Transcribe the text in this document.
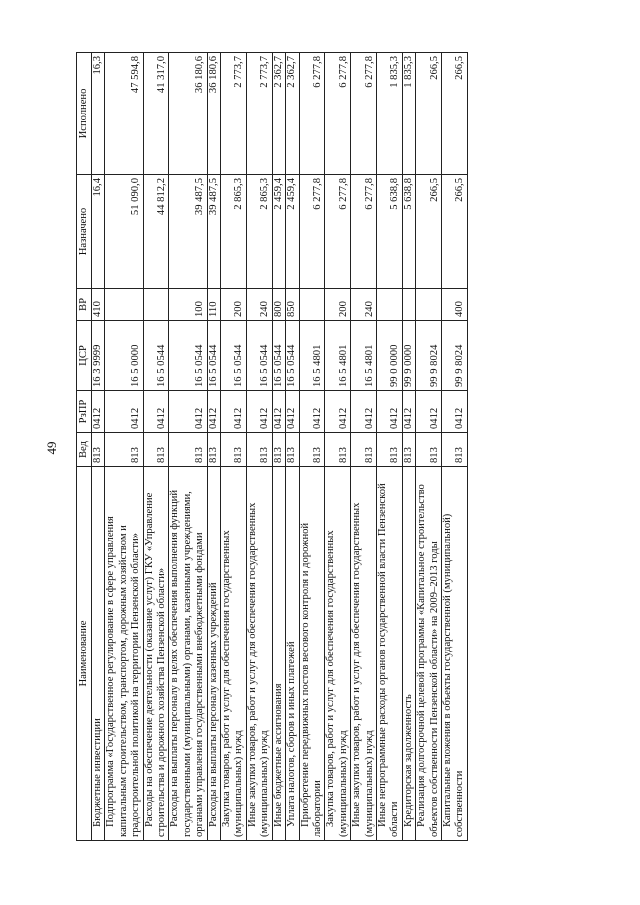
49
Наименование	Вед	РзПР	ЦСР	ВР	Назначено	Исполнено
Бюджетные инвестиции	813	0412	16 3 9999	410	16,4	16,3
Подпрограмма «Государственное регулирование в сфере управления капитальным строительством, транспортом, дорожным хозяйством и градостроительной политикой на территории Пензенской области»	813	0412	16 5 0000		51 090,0	47 594,8
Расходы на обеспечение деятельности (оказание услуг) ГКУ «Управление строительства и дорожного хозяйства Пензенской области»	813	0412	16 5 0544		44 812,2	41 317,0
Расходы на выплаты персоналу в целях обеспечения выполнения функций государственными (муниципальными) органами, казенными учреждениями, органами управления государственными внебюджетными фондами	813	0412	16 5 0544	100	39 487,5	36 180,6
Расходы на выплаты персоналу казенных учреждений	813	0412	16 5 0544	110	39 487,5	36 180,6
Закупка товаров, работ и услуг для обеспечения государственных (муниципальных) нужд	813	0412	16 5 0544	200	2 865,3	2 773,7
Иные закупки товаров, работ и услуг для обеспечения государственных (муниципальных) нужд	813	0412	16 5 0544	240	2 865,3	2 773,7
Иные бюджетные ассигнования	813	0412	16 5 0544	800	2 459,4	2 362,7
Уплата налогов, сборов и иных платежей	813	0412	16 5 0544	850	2 459,4	2 362,7
Приобретение передвижных постов весового контроля и дорожной лаборатории	813	0412	16 5 4801		6 277,8	6 277,8
Закупка товаров, работ и услуг для обеспечения государственных (муниципальных) нужд	813	0412	16 5 4801	200	6 277,8	6 277,8
Иные закупки товаров, работ и услуг для обеспечения государственных (муниципальных) нужд	813	0412	16 5 4801	240	6 277,8	6 277,8
Иные непрограммные расходы органов государственной власти Пензенской области	813	0412	99 0 0000		5 638,8	1 835,3
Кредиторская задолженность	813	0412	99 9 0000		5 638,8	1 835,3
Реализация долгосрочной целевой программы «Капитальное строительство объектов собственности Пензенской области» на 2009–2013 годы	813	0412	99 9 8024		266,5	266,5
Капитальные вложения в объекты государственной (муниципальной) собственности	813	0412	99 9 8024	400	266,5	266,5
